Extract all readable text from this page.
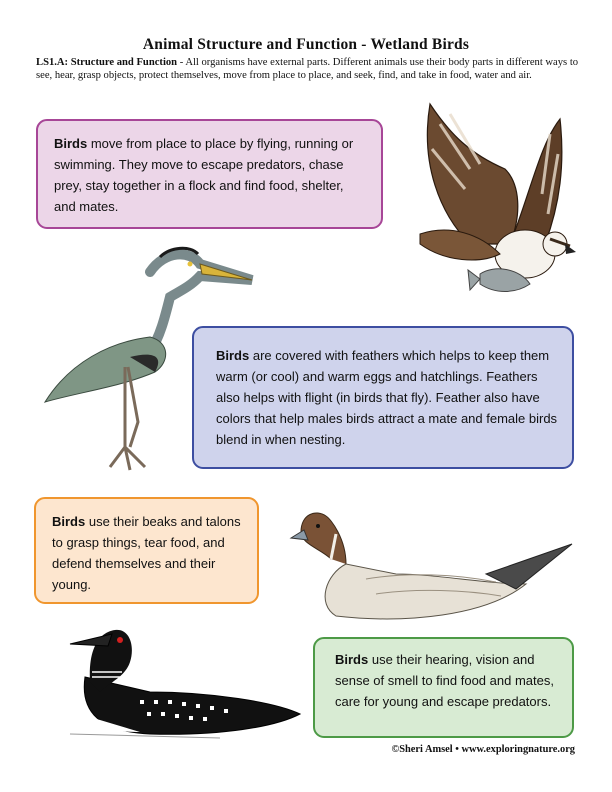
Animal Structure and Function - Wetland Birds
LS1.A: Structure and Function - All organisms have external parts. Different animals use their body parts in different ways to see, hear, grasp objects, protect themselves, move from place to place, and seek, find, and take in food, water and air.
Birds move from place to place by flying, running or swimming. They move to escape predators, chase prey, stay together in a flock and find food, shelter, and mates.
Birds are covered with feathers which helps to keep them warm (or cool) and warm eggs and hatchlings. Feathers also helps with flight (in birds that fly). Feather also have colors that help males birds attract a mate and female birds blend in when nesting.
Birds use their beaks and talons to grasp things, tear food, and defend themselves and their young.
Birds use their hearing, vision and sense of smell to find food and mates, care for young and escape predators.
©Sheri Amsel • www.exploringnature.org
